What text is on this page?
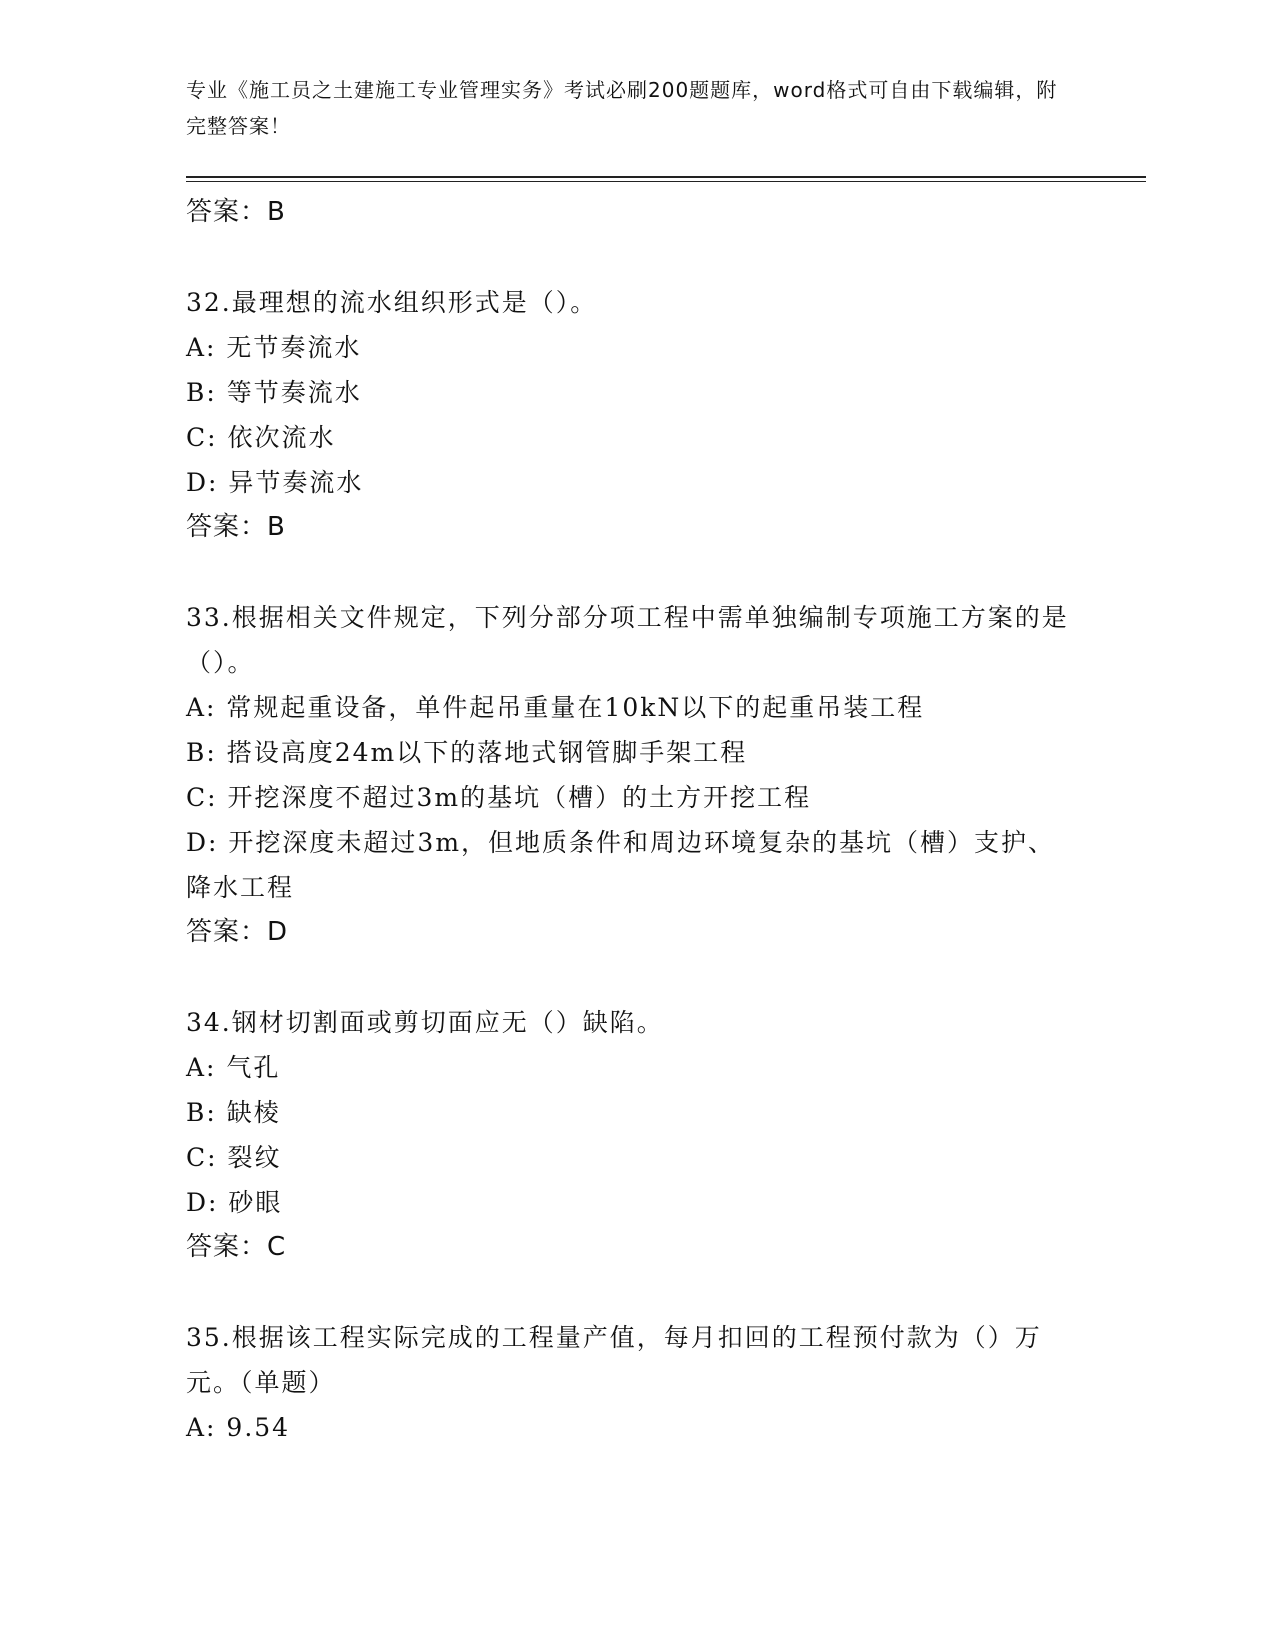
专业《施工员之土建施工专业管理实务》考试必刷200题题库，word格式可自由下载编辑，附完整答案！
答案：B
32.最理想的流水组织形式是（）。
A: 无节奏流水
B: 等节奏流水
C: 依次流水
D: 异节奏流水
答案：B
33.根据相关文件规定，下列分部分项工程中需单独编制专项施工方案的是（）。
A: 常规起重设备，单件起吊重量在10kN以下的起重吊装工程
B: 搭设高度24m以下的落地式钢管脚手架工程
C: 开挖深度不超过3m的基坑（槽）的土方开挖工程
D: 开挖深度未超过3m，但地质条件和周边环境复杂的基坑（槽）支护、降水工程
答案：D
34.钢材切割面或剪切面应无（）缺陷。
A: 气孔
B: 缺棱
C: 裂纹
D: 砂眼
答案：C
35.根据该工程实际完成的工程量产值，每月扣回的工程预付款为（）万元。（单题）
A: 9.54
